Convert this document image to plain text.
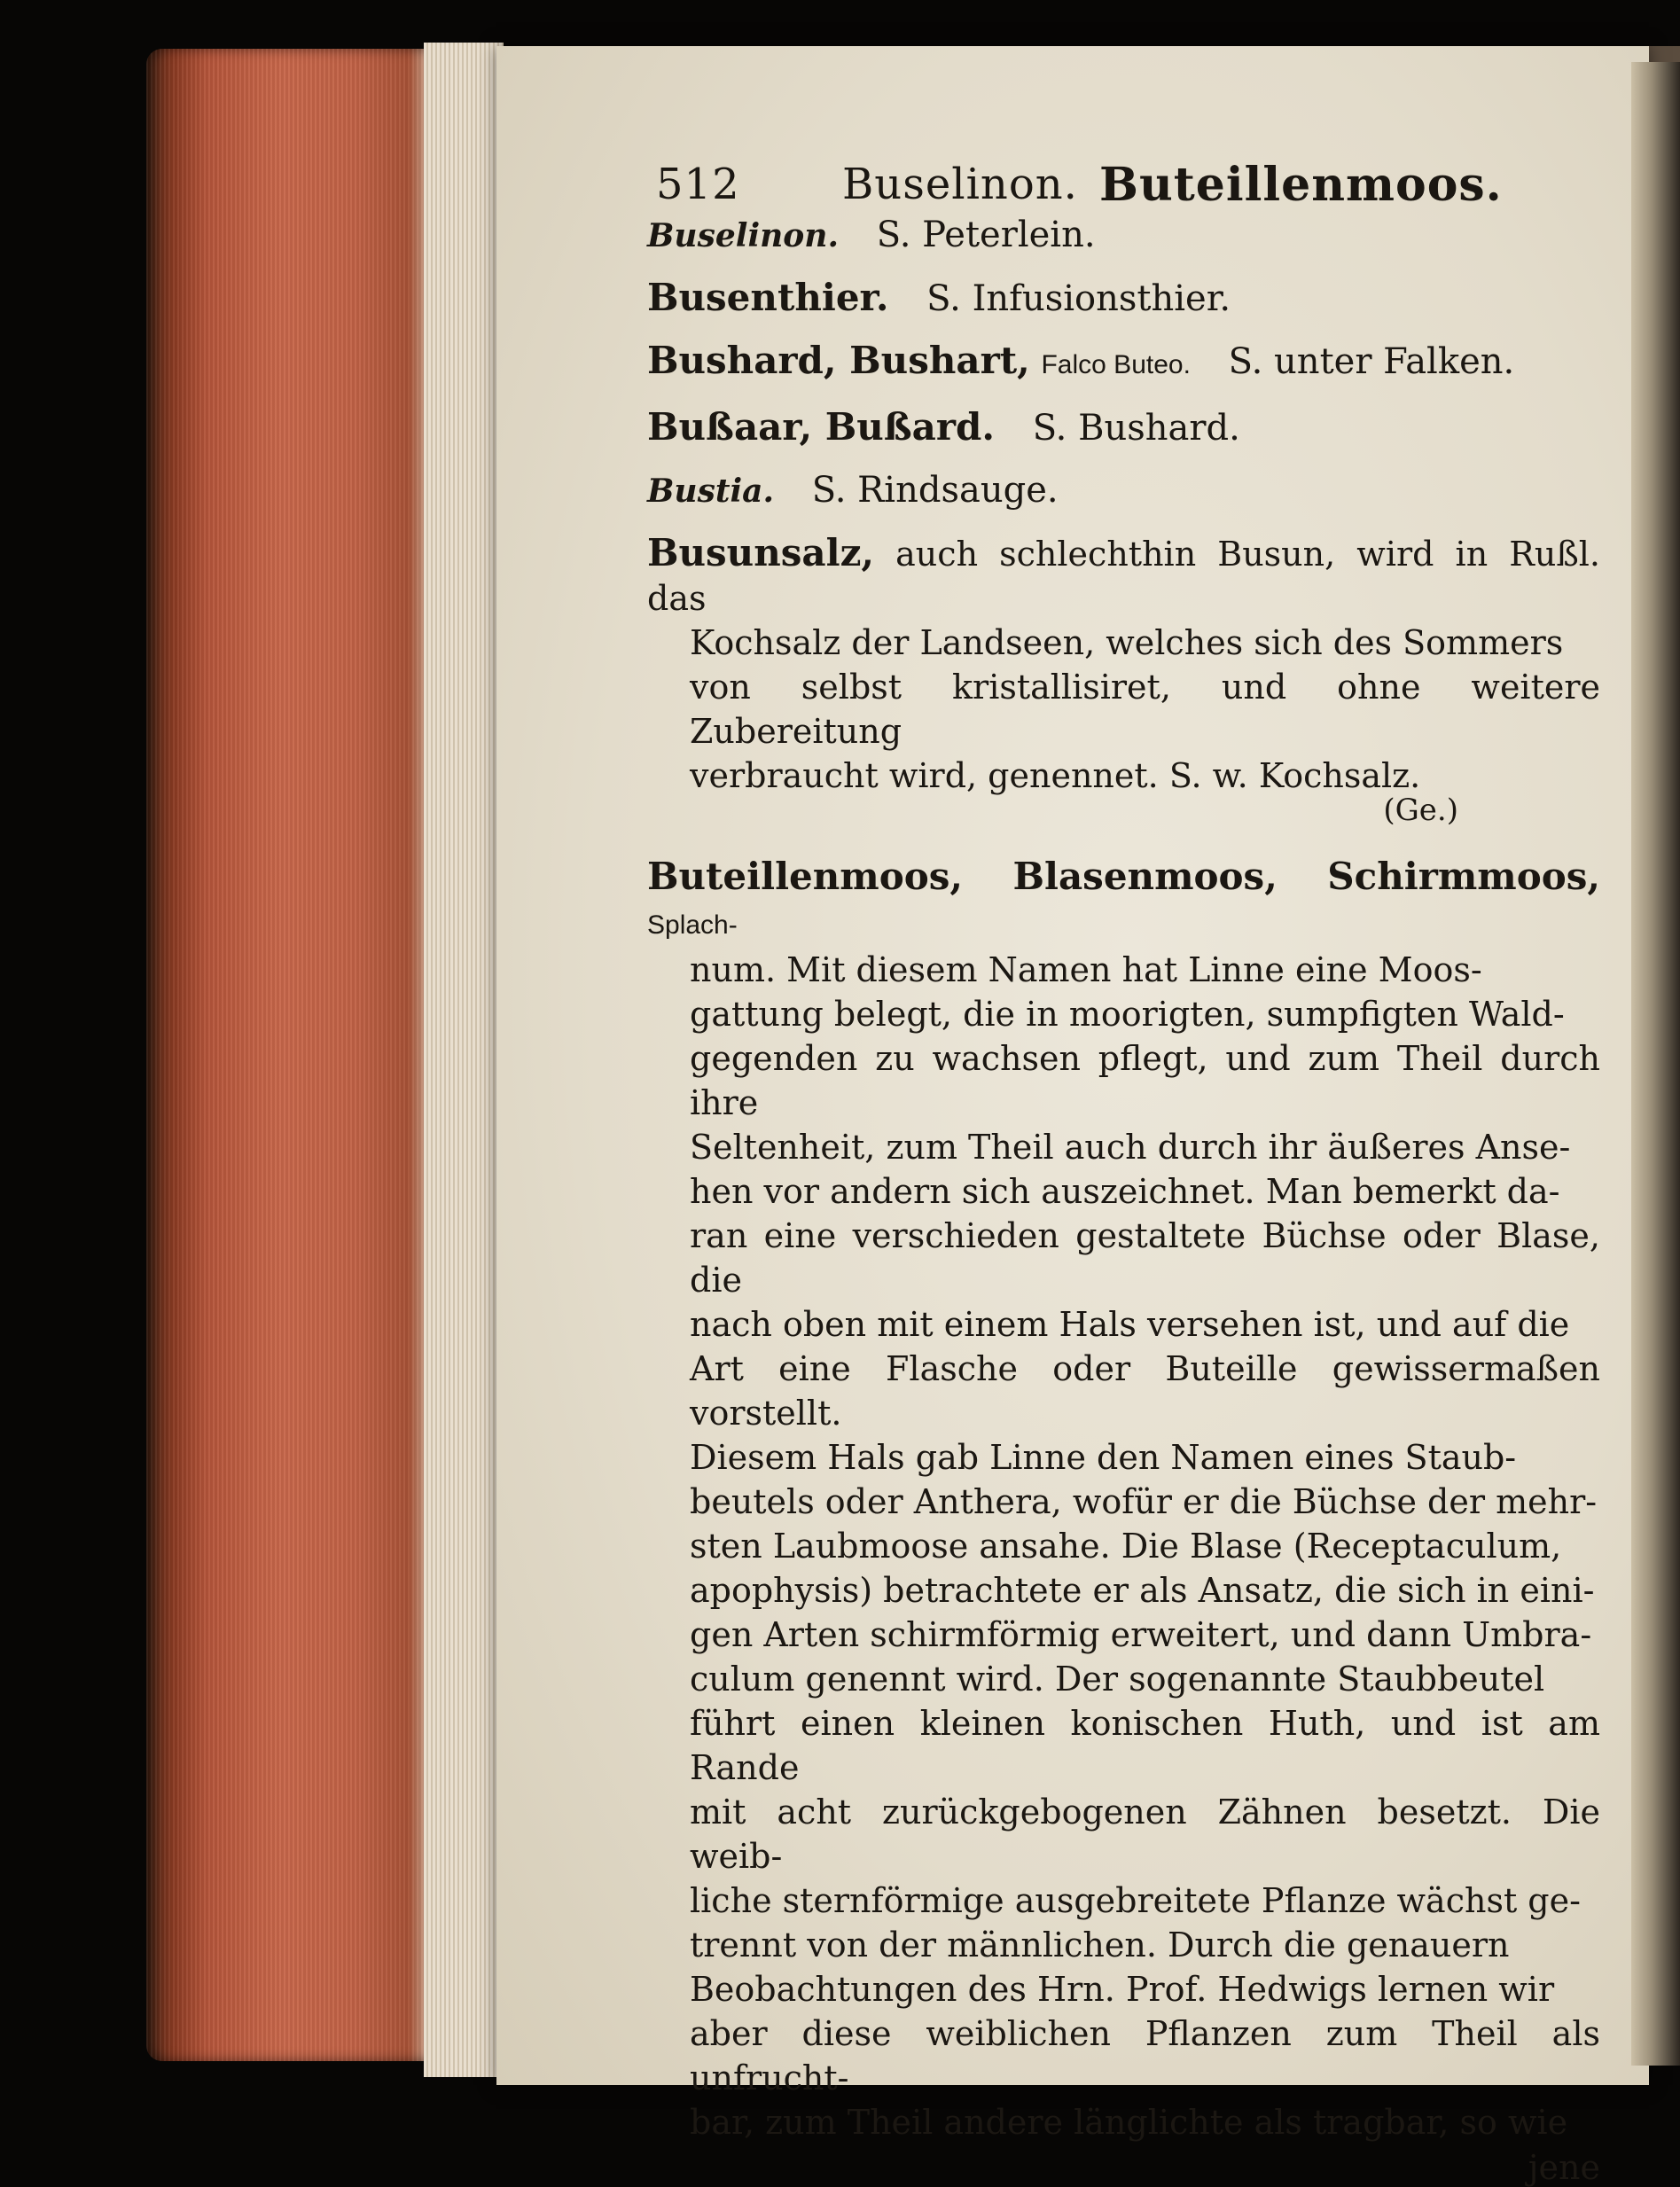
512 Buselinon. Buteillenmoos.
Buselinon. S. Peterlein.
Busenthier. S. Infusionsthier.
Bushard, Bushart, Falco Buteo. S. unter Falken.
Bußaar, Bußard. S. Bushard.
Bustia. S. Rindsauge.
Busunsalz, auch schlechthin Busun, wird in Rußl. das
Kochsalz der Landseen, welches sich des Sommers
von selbst kristallisiret, und ohne weitere Zubereitung
verbraucht wird, genennet. S. w. Kochsalz.
(Ge.)
Buteillenmoos, Blasenmoos, Schirmmoos, Splach-
num. Mit diesem Namen hat Linne eine Moos-
gattung belegt, die in moorigten, sumpfigten Wald-
gegenden zu wachsen pflegt, und zum Theil durch ihre
Seltenheit, zum Theil auch durch ihr äußeres Anse-
hen vor andern sich auszeichnet. Man bemerkt da-
ran eine verschieden gestaltete Büchse oder Blase, die
nach oben mit einem Hals versehen ist, und auf die
Art eine Flasche oder Buteille gewissermaßen vorstellt.
Diesem Hals gab Linne den Namen eines Staub-
beutels oder Anthera, wofür er die Büchse der mehr-
sten Laubmoose ansahe. Die Blase (Receptaculum,
apophysis) betrachtete er als Ansatz, die sich in eini-
gen Arten schirmförmig erweitert, und dann Umbra-
culum genennt wird. Der sogenannte Staubbeutel
führt einen kleinen konischen Huth, und ist am Rande
mit acht zurückgebogenen Zähnen besetzt. Die weib-
liche sternförmige ausgebreitete Pflanze wächst ge-
trennt von der männlichen. Durch die genauern
Beobachtungen des Hrn. Prof. Hedwigs lernen wir
aber diese weiblichen Pflanzen zum Theil als unfrucht-
bar, zum Theil andere länglichte als tragbar, so wie
jene
